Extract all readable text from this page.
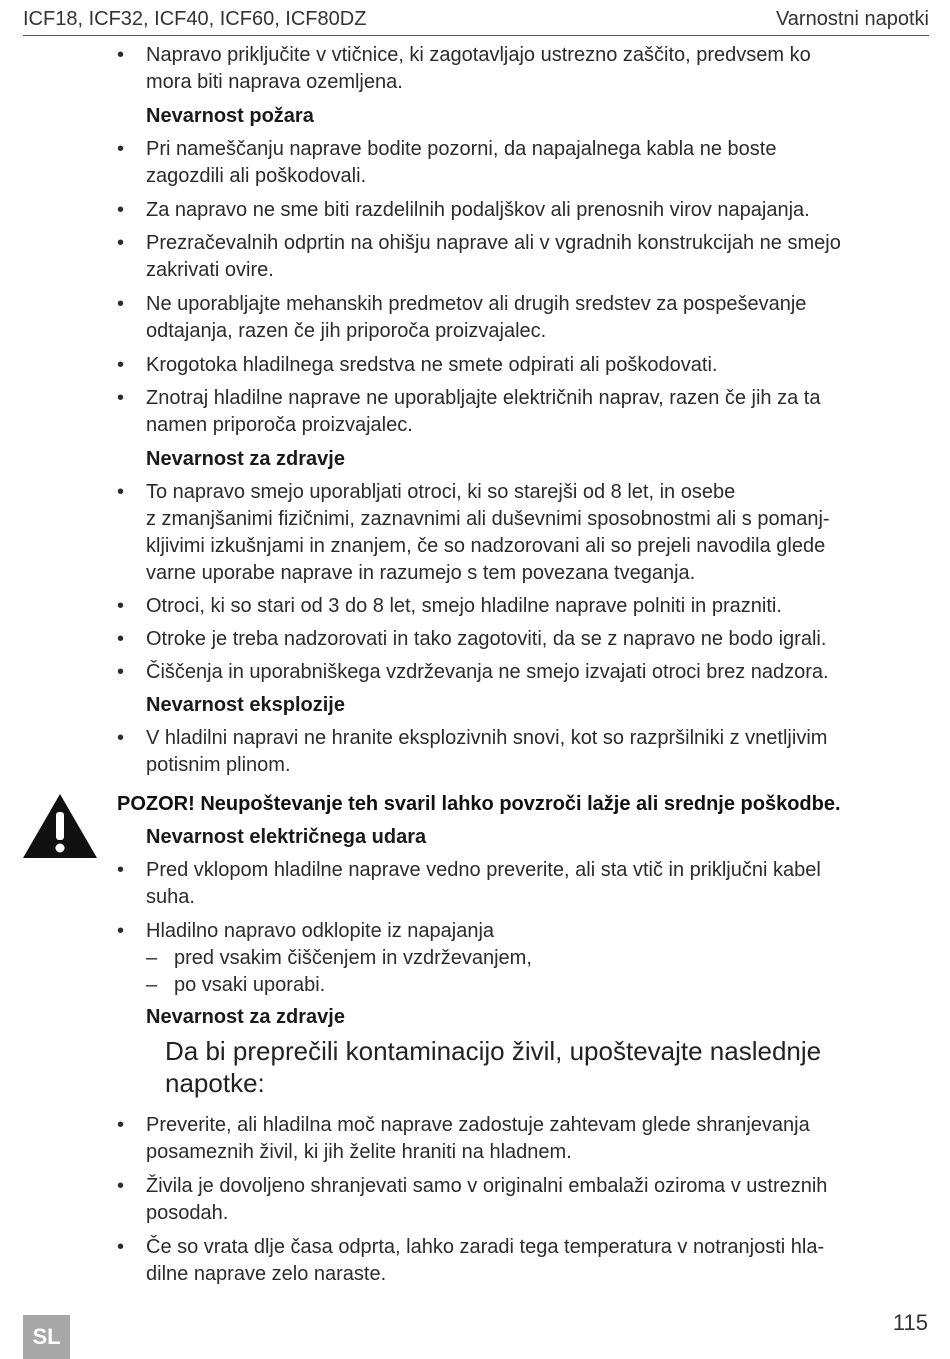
ICF18, ICF32, ICF40, ICF60, ICF80DZ	Varnostni napotki
• Napravo priključite v vtičnice, ki zagotavljajo ustrezno zaščito, predvsem ko
mora biti naprava ozemljena.
Nevarnost požara
• Pri nameščanju naprave bodite pozorni, da napajalnega kabla ne boste
zagozdili ali poškodovali.
• Za napravo ne sme biti razdelilnih podaljškov ali prenosnih virov napajanja.
• Prezračevalnih odprtin na ohišju naprave ali v vgradnih konstrukcijah ne smejo
zakrivati ovire.
• Ne uporabljajte mehanskih predmetov ali drugih sredstev za pospeševanje
odtajanja, razen če jih priporoča proizvajalec.
• Krogotoka hladilnega sredstva ne smete odpirati ali poškodovati.
• Znotraj hladilne naprave ne uporabljajte električnih naprav, razen če jih za ta
namen priporoča proizvajalec.
Nevarnost za zdravje
• To napravo smejo uporabljati otroci, ki so starejši od 8 let, in osebe
z zmanjšanimi fizičnimi, zaznavnimi ali duševnimi sposobnostmi ali s pomanj-
kljivimi izkušnjami in znanjem, če so nadzorovani ali so prejeli navodila glede
varne uporabe naprave in razumejo s tem povezana tveganja.
• Otroci, ki so stari od 3 do 8 let, smejo hladilne naprave polniti in prazniti.
• Otroke je treba nadzorovati in tako zagotoviti, da se z napravo ne bodo igrali.
• Čiščenja in uporabniškega vzdrževanja ne smejo izvajati otroci brez nadzora.
Nevarnost eksplozije
• V hladilni napravi ne hranite eksplozivnih snovi, kot so razpršilniki z vnetljivim
potisnim plinom.
POZOR! Neupoštevanje teh svaril lahko povzroči lažje ali srednje poškodbe.
Nevarnost električnega udara
• Pred vklopom hladilne naprave vedno preverite, ali sta vtič in priključni kabel
suha.
• Hladilno napravo odklopite iz napajanja
– pred vsakim čiščenjem in vzdrževanjem,
– po vsaki uporabi.
Nevarnost za zdravje
Da bi preprečili kontaminacijo živil, upoštevajte naslednje
napotke:
• Preverite, ali hladilna moč naprave zadostuje zahtevam glede shranjevanja
posameznih živil, ki jih želite hraniti na hladnem.
• Živila je dovoljeno shranjevati samo v originalni embalaži oziroma v ustreznih
posodah.
• Če so vrata dlje časa odprta, lahko zaradi tega temperatura v notranjosti hla-
dilne naprave zelo naraste.
SL
115
